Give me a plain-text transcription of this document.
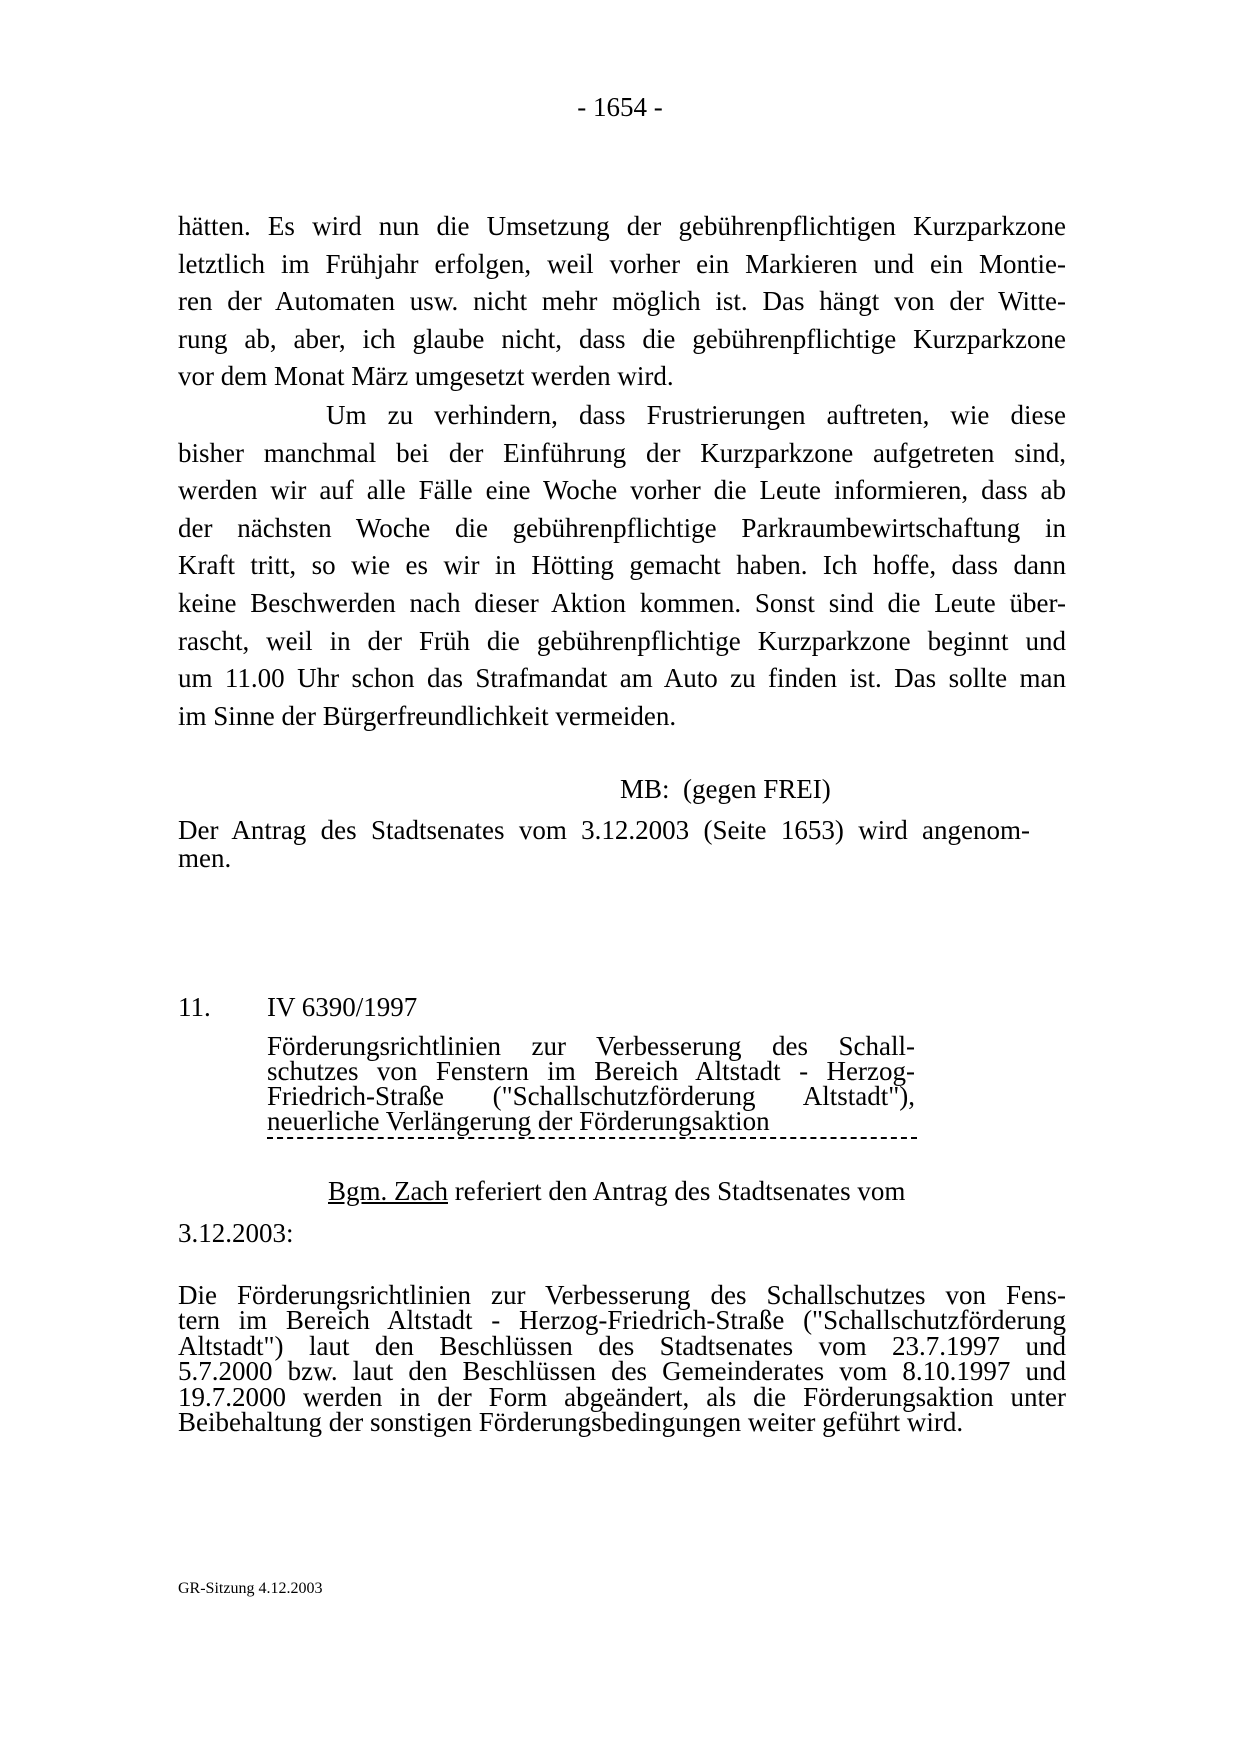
- 1654 -
hätten. Es wird nun die Umsetzung der gebührenpflichtigen Kurzparkzone
letztlich im Frühjahr erfolgen, weil vorher ein Markieren und ein Montie-
ren der Automaten usw. nicht mehr möglich ist. Das hängt von der Witte-
rung ab, aber, ich glaube nicht, dass die gebührenpflichtige Kurzparkzone
vor dem Monat März umgesetzt werden wird.
Um zu verhindern, dass Frustrierungen auftreten, wie diese
bisher manchmal bei der Einführung der Kurzparkzone aufgetreten sind,
werden wir auf alle Fälle eine Woche vorher die Leute informieren, dass ab
der nächsten Woche die gebührenpflichtige Parkraumbewirtschaftung in
Kraft tritt, so wie es wir in Hötting gemacht haben. Ich hoffe, dass dann
keine Beschwerden nach dieser Aktion kommen. Sonst sind die Leute über-
rascht, weil in der Früh die gebührenpflichtige Kurzparkzone beginnt und
um 11.00 Uhr schon das Strafmandat am Auto zu finden ist. Das sollte man
im Sinne der Bürgerfreundlichkeit vermeiden.
MB:  (gegen FREI)
Der Antrag des Stadtsenates vom 3.12.2003 (Seite 1653) wird angenom-
men.
11. IV 6390/1997
Förderungsrichtlinien zur Verbesserung des Schall-
schutzes von Fenstern im Bereich Altstadt - Herzog-
Friedrich-Straße ("Schallschutzförderung Altstadt"),
neuerliche Verlängerung der Förderungsaktion
Bgm. Zach referiert den Antrag des Stadtsenates vom
3.12.2003:
Die Förderungsrichtlinien zur Verbesserung des Schallschutzes von Fens-
tern im Bereich Altstadt - Herzog-Friedrich-Straße ("Schallschutzförderung
Altstadt") laut den Beschlüssen des Stadtsenates vom 23.7.1997 und
5.7.2000 bzw. laut den Beschlüssen des Gemeinderates vom 8.10.1997 und
19.7.2000 werden in der Form abgeändert, als die Förderungsaktion unter
Beibehaltung der sonstigen Förderungsbedingungen weiter geführt wird.
GR-Sitzung 4.12.2003
